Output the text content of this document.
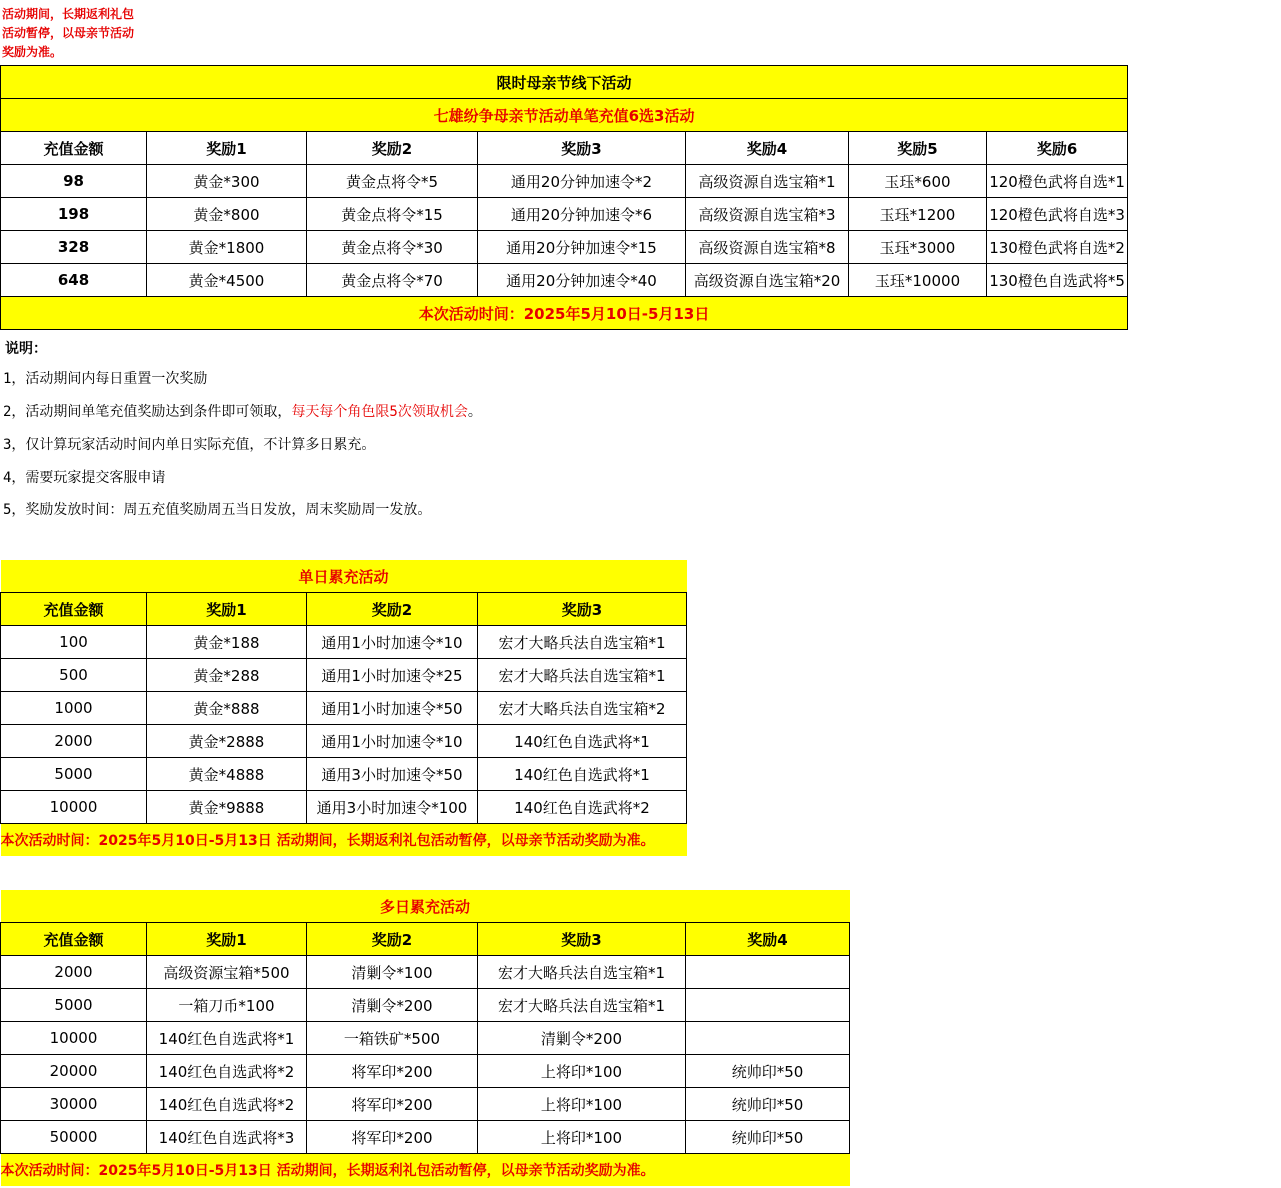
活动期间，长期返利礼包
活动暂停，以母亲节活动
奖励为准。
限时母亲节线下活动						
七雄纷争母亲节活动单笔充值6选3活动						
充值金额	奖励1	奖励2	奖励3	奖励4	奖励5	奖励6
98	黄金*300	黄金点将令*5	通用20分钟加速令*2	高级资源自选宝箱*1	玉珏*600	120橙色武将自选*1
198	黄金*800	黄金点将令*15	通用20分钟加速令*6	高级资源自选宝箱*3	玉珏*1200	120橙色武将自选*3
328	黄金*1800	黄金点将令*30	通用20分钟加速令*15	高级资源自选宝箱*8	玉珏*3000	130橙色武将自选*2
648	黄金*4500	黄金点将令*70	通用20分钟加速令*40	高级资源自选宝箱*20	玉珏*10000	130橙色自选武将*5
本次活动时间：2025年5月10日-5月13日						
说明：
1，活动期间内每日重置一次奖励
2，活动期间单笔充值奖励达到条件即可领取，每天每个角色限5次领取机会。
3，仅计算玩家活动时间内单日实际充值，不计算多日累充。
4，需要玩家提交客服申请
5，奖励发放时间：周五充值奖励周五当日发放，周末奖励周一发放。
单日累充活动			
充值金额	奖励1	奖励2	奖励3
100	黄金*188	通用1小时加速令*10	宏才大略兵法自选宝箱*1
500	黄金*288	通用1小时加速令*25	宏才大略兵法自选宝箱*1
1000	黄金*888	通用1小时加速令*50	宏才大略兵法自选宝箱*2
2000	黄金*2888	通用1小时加速令*10	140红色自选武将*1
5000	黄金*4888	通用3小时加速令*50	140红色自选武将*1
10000	黄金*9888	通用3小时加速令*100	140红色自选武将*2
本次活动时间：2025年5月10日-5月13日 活动期间，长期返利礼包活动暂停，以母亲节活动奖励为准。			
多日累充活动				
充值金额	奖励1	奖励2	奖励3	奖励4
2000	高级资源宝箱*500	清剿令*100	宏才大略兵法自选宝箱*1	
5000	一箱刀币*100	清剿令*200	宏才大略兵法自选宝箱*1	
10000	140红色自选武将*1	一箱铁矿*500	清剿令*200	
20000	140红色自选武将*2	将军印*200	上将印*100	统帅印*50
30000	140红色自选武将*2	将军印*200	上将印*100	统帅印*50
50000	140红色自选武将*3	将军印*200	上将印*100	统帅印*50
本次活动时间：2025年5月10日-5月13日 活动期间，长期返利礼包活动暂停，以母亲节活动奖励为准。				
